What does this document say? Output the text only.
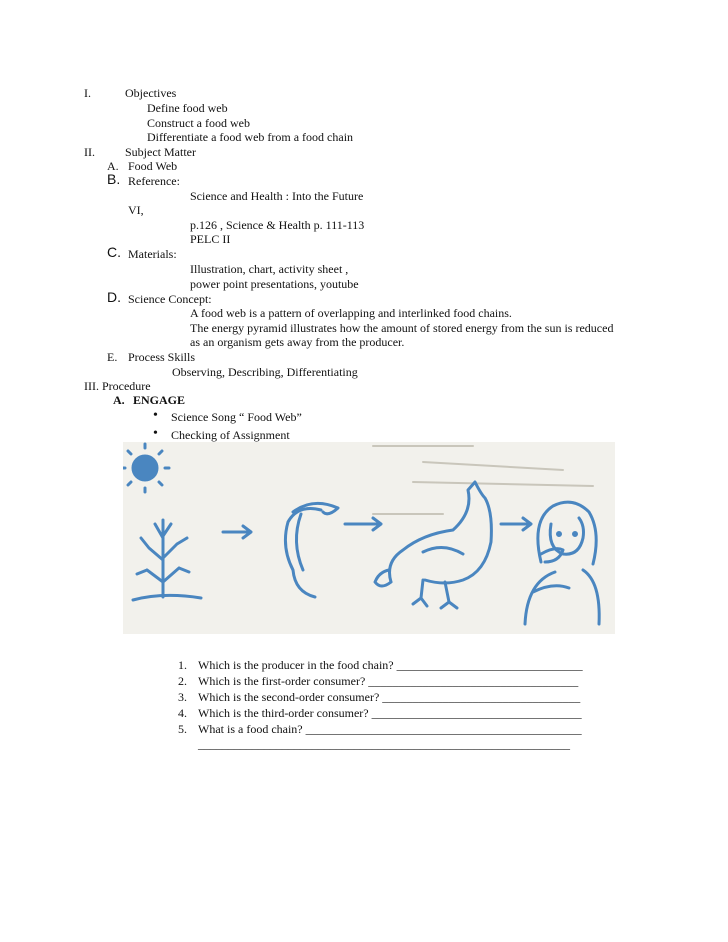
I.	Objectives
Define food web
Construct a food web
Differentiate a food web from a food chain
II.	Subject Matter
A. Food Web
B. Reference:
Science and Health : Into the Future
VI,
p.126 , Science & Health p. 111-113
PELC II
C. Materials:
Illustration, chart, activity sheet ,
power point presentations, youtube
D. Science Concept:
A food web is a pattern of overlapping and interlinked food chains.
The energy pyramid illustrates how the amount of stored energy from the sun is reduced
as an organism gets away from the producer.
E. Process Skills
Observing, Describing, Differentiating
III. Procedure
A. ENGAGE
• Science Song “ Food Web”
• Checking of Assignment
1. Which is the producer in the food chain? _______________________________
2. Which is the first-order consumer? ___________________________________
3. Which is the second-order consumer? _________________________________
4. Which is the third-order consumer? ___________________________________
5. What is a food chain? ______________________________________________
______________________________________________________________
